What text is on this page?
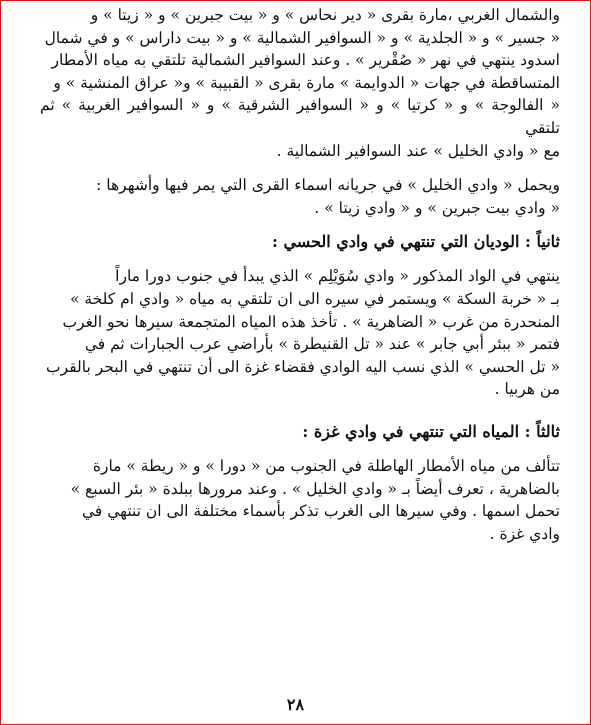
والشمال الغربي ،مارة بقرى « دير نحاس » و « بيت جبرين » و « زيتا » و

« جسير » و « الجلدية » و « السوافير الشمالية » و « بيت داراس » و في شمال

اسدود ينتهي في نهر « صُقْرير » . وعند السوافير الشمالية تلتقي به مياه الأمطار

المتساقطة في جهات « الدوايمة » مارة بقرى « القبيبة » و« عراق المنشية » و

« الفالوجة » و « كرتيا » و « السوافير الشرقية » و « السوافير الغربية » ثم تلتقي

مع « وادي الخليل » عند السوافير الشمالية .

ويحمل « وادي الخليل » في جريانه اسماء القرى التي يمر فيها وأشهرها :

« وادي بيت جبرين » و « وادي زيتا » .

ثانياً : الوديان التي تنتهي في وادي الحسي :

ينتهي في الواد المذكور « وادي سُوَيْلِم » الذي يبدأ في جنوب دورا ماراً

بـ « خربة السكة » ويستمر في سيره الى ان تلتقي به مياه « وادي ام كلخة »

المنحدرة من غرب « الضاهرية » . تأخذ هذه المياه المتجمعة سيرها نحو الغرب

فتمر « ببئر أبي جابر » عند « تل القنيطرة » بأراضي عرب الجبارات ثم في

« تل الحسي » الذي نسب اليه الوادي فقضاء غزة الى أن تنتهي في البحر بالقرب

من هربيا .

ثالثاً : المياه التي تنتهي في وادي غزة :

تتألف من مياه الأمطار الهاطلة في الجنوب من « دورا » و « ريطة » مارة

بالضاهرية ، تعرف أيضاً بـ « وادي الخليل » . وعند مرورها ببلدة « بئر السبع »

تحمل اسمها . وفي سيرها الى الغرب تذكر بأسماء مختلفة الى ان تنتهي في

وادي غزة .

٢٨
